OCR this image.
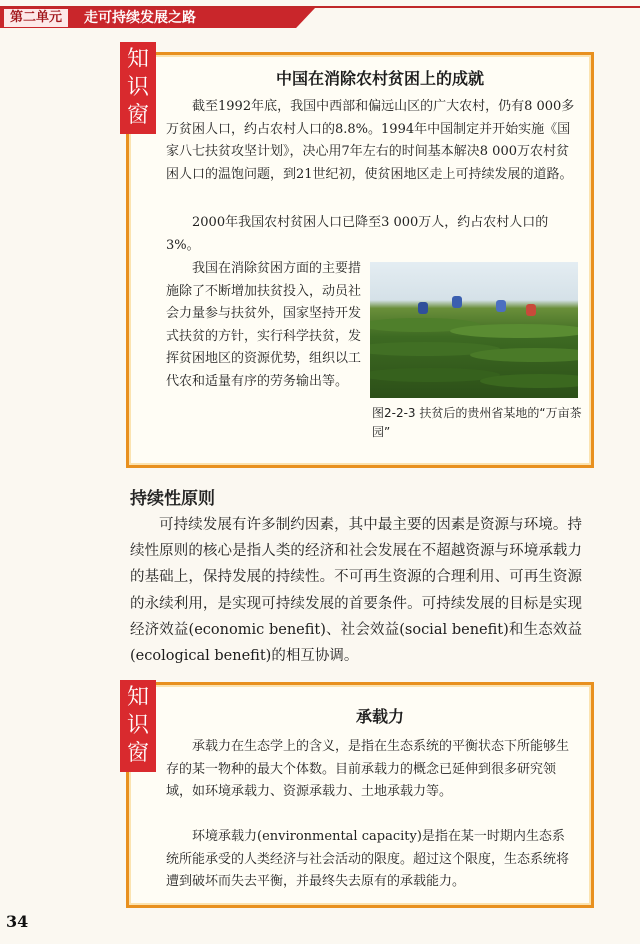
第二单元	走可持续发展之路
知识窗
中国在消除农村贫困上的成就

截至1992年底，我国中西部和偏远山区的广大农村，仍有8 000多万贫困人口，约占农村人口的8.8%。1994年中国制定并开始实施《国家八七扶贫攻坚计划》，决心用7年左右的时间基本解决8 000万农村贫困人口的温饱问题，到21世纪初，使贫困地区走上可持续发展的道路。

2000年我国农村贫困人口已降至3 000万人，约占农村人口的3%。

我国在消除贫困方面的主要措施除了不断增加扶贫投入，动员社会力量参与扶贫外，国家坚持开发式扶贫的方针，实行科学扶贫，发挥贫困地区的资源优势，组织以工代农和适量有序的劳务输出等。

图2-2-3 扶贫后的贵州省某地的“万亩茶园”

持续性原则

可持续发展有许多制约因素，其中最主要的因素是资源与环境。持续性原则的核心是指人类的经济和社会发展在不超越资源与环境承载力的基础上，保持发展的持续性。不可再生资源的合理利用、可再生资源的永续利用，是实现可持续发展的首要条件。可持续发展的目标是实现经济效益(economic benefit)、社会效益(social benefit)和生态效益(ecological benefit)的相互协调。

知识窗
承载力

承载力在生态学上的含义，是指在生态系统的平衡状态下所能够生存的某一物种的最大个体数。目前承载力的概念已延伸到很多研究领域，如环境承载力、资源承载力、土地承载力等。

环境承载力(environmental capacity)是指在某一时期内生态系统所能承受的人类经济与社会活动的限度。超过这个限度，生态系统将遭到破坏而失去平衡，并最终失去原有的承载能力。

34
